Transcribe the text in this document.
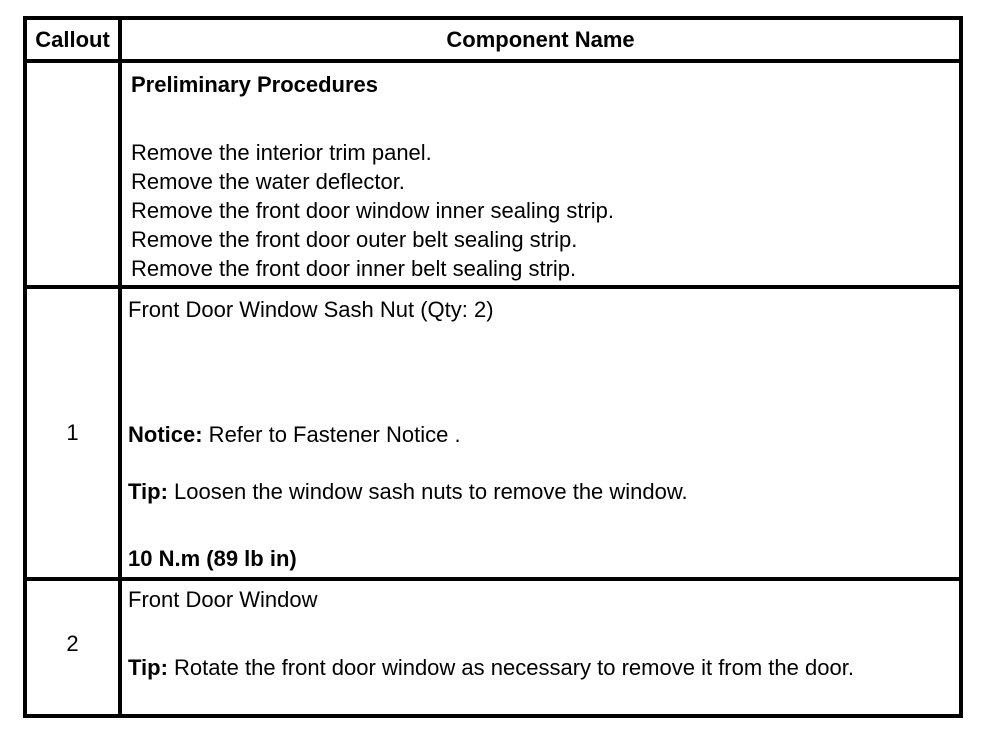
Callout	Component Name
Preliminary Procedures
Remove the interior trim panel.
Remove the water deflector.
Remove the front door window inner sealing strip.
Remove the front door outer belt sealing strip.
Remove the front door inner belt sealing strip.
1
Front Door Window Sash Nut (Qty: 2)
Notice: Refer to Fastener Notice .
Tip: Loosen the window sash nuts to remove the window.
10 N.m (89 lb in)
2
Front Door Window
Tip: Rotate the front door window as necessary to remove it from the door.
